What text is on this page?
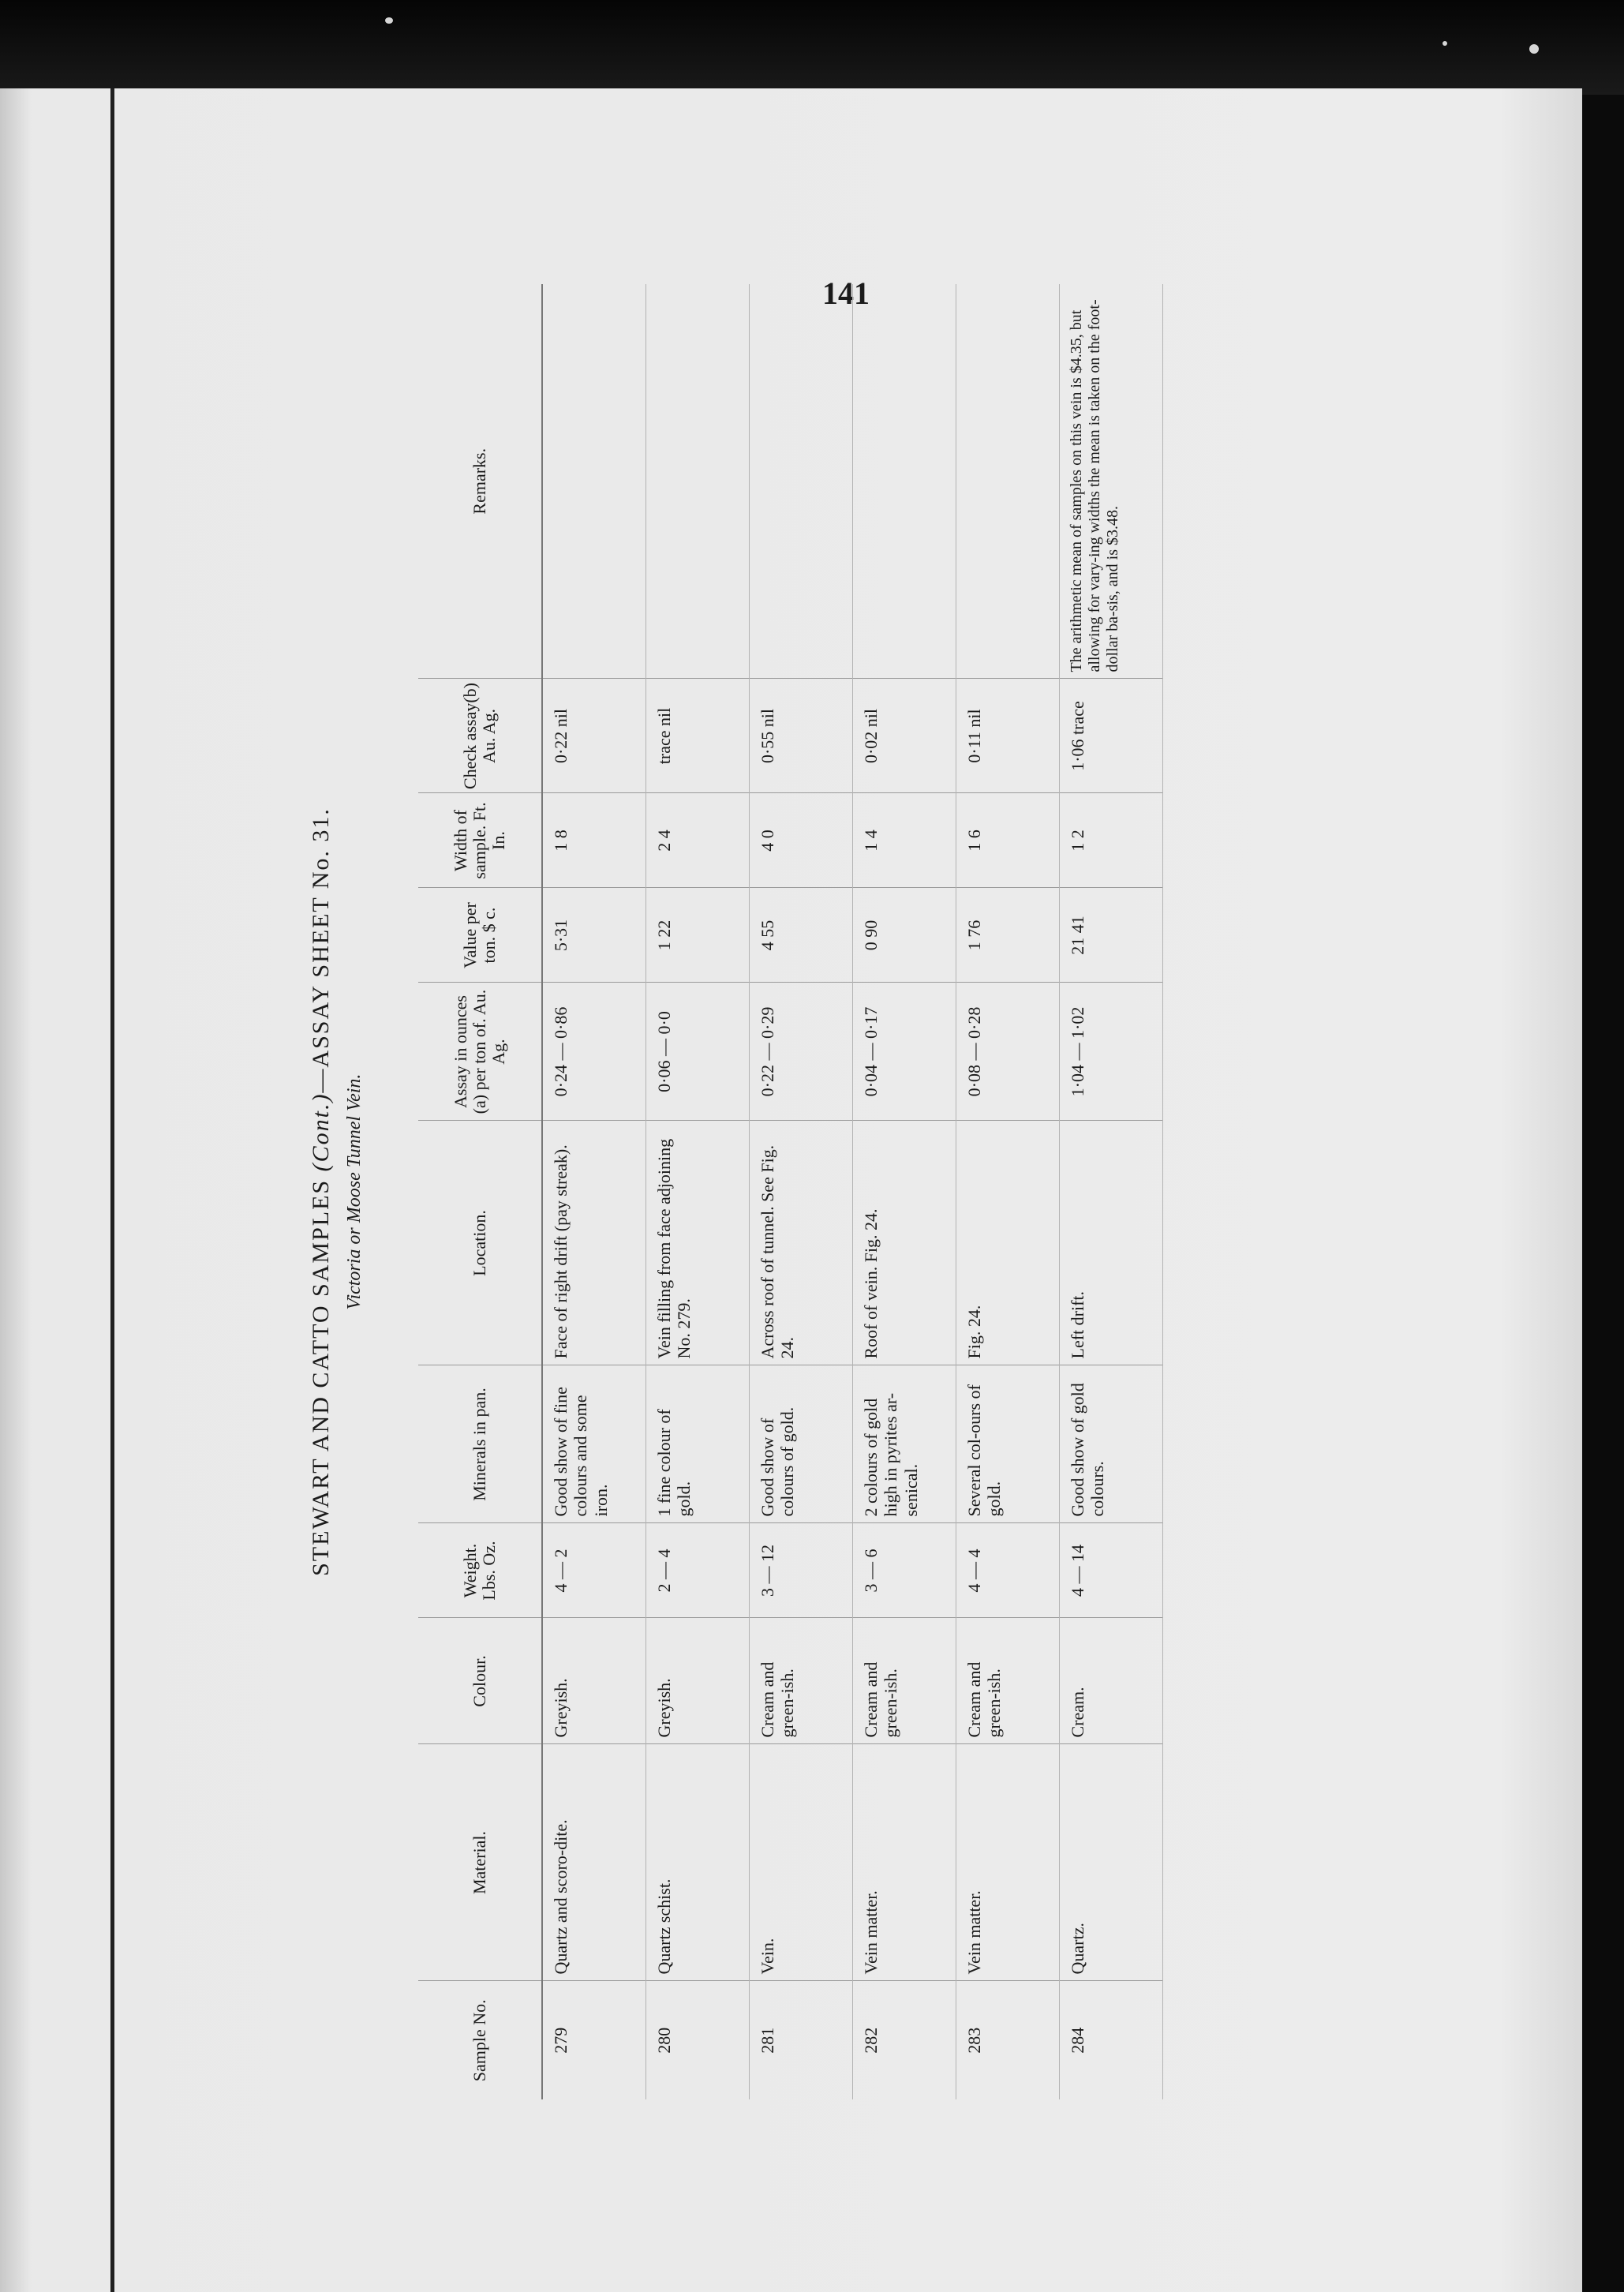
141
STEWART AND CATTO SAMPLES (Cont.)—ASSAY SHEET No. 31.
Victoria or Moose Tunnel Vein.
Sample No.	Material.	Colour.	Weight. Lbs. Oz.	Minerals in pan.	Location.	Assay in ounces (a) per ton of. Au. Ag.	Value per ton. $ c.	Width of sample. Ft. In.	Check assay(b) Au. Ag.	Remarks.
279	Quartz and scoro-dite.	Greyish.	4 — 2	Good show of fine colours and some iron.	Face of right drift (pay streak).	0·24 — 0·86	5·31	1 8	0·22 nil	
280	Quartz schist.	Greyish.	2 — 4	1 fine colour of gold.	Vein filling from face adjoining No. 279.	0·06 — 0·0	1 22	2 4	trace nil	
281	Vein.	Cream and green-ish.	3 — 12	Good show of colours of gold.	Across roof of tunnel. See Fig. 24.	0·22 — 0·29	4 55	4 0	0·55 nil	
282	Vein matter.	Cream and green-ish.	3 — 6	2 colours of gold high in pyrites ar-senical.	Roof of vein. Fig. 24.	0·04 — 0·17	0 90	1 4	0·02 nil	
283	Vein matter.	Cream and green-ish.	4 — 4	Several col-ours of gold.	Fig. 24.	0·08 — 0·28	1 76	1 6	0·11 nil	
284	Quartz.	Cream.	4 — 14	Good show of gold colours.	Left drift.	1·04 — 1·02	21 41	1 2	1·06 trace	The arithmetic mean of samples on this vein is $4.35, but allowing for vary-ing widths the mean is taken on the foot-dollar ba-sis, and is $3.48.
